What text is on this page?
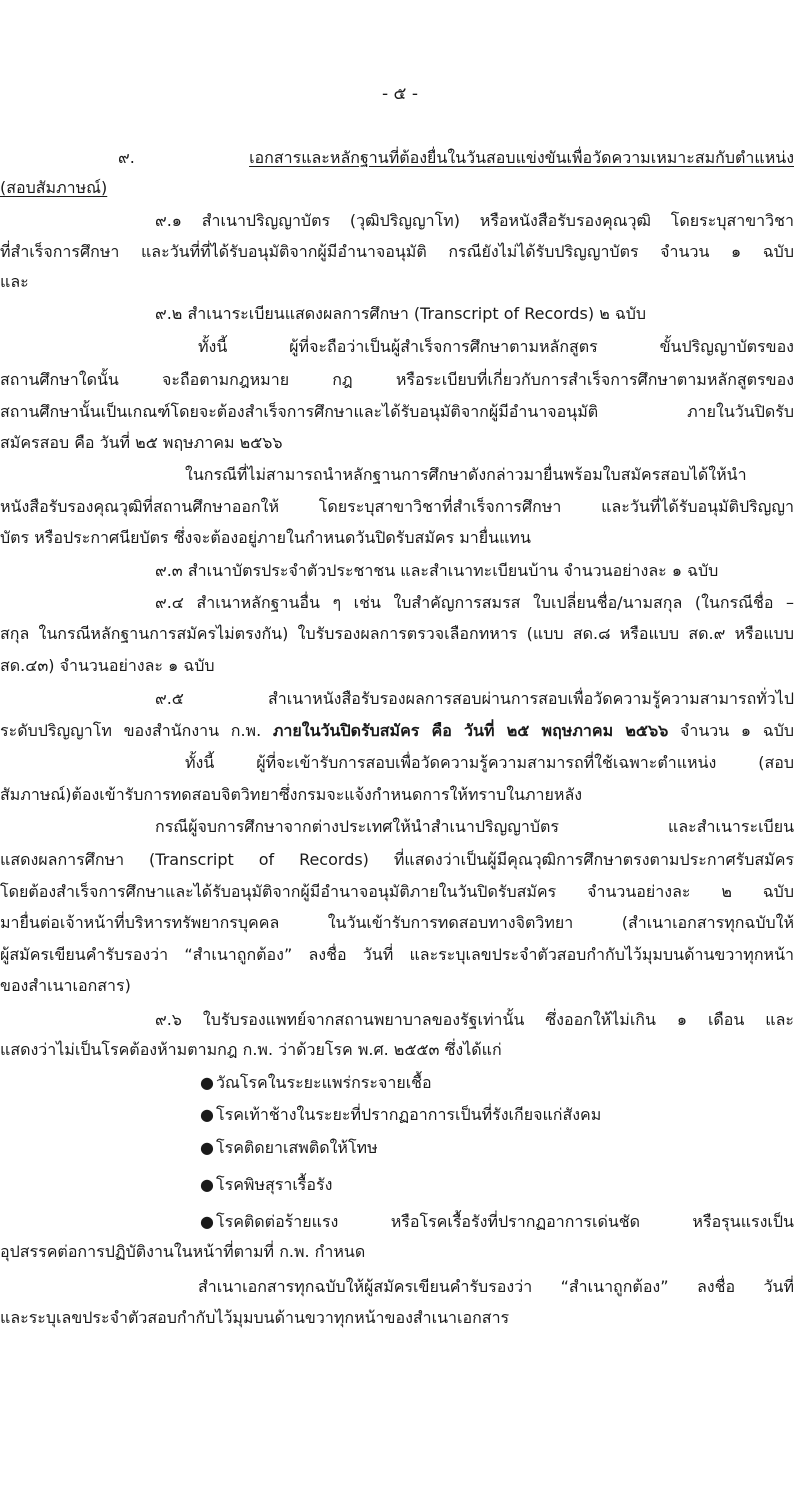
- ๕ -

๙.	เอกสารและหลักฐานที่ต้องยื่นในวันสอบแข่งขันเพื่อวัดความเหมาะสมกับตำแหน่ง

(สอบสัมภาษณ์)

๙.๑ สำเนาปริญญาบัตร (วุฒิปริญญาโท) หรือหนังสือรับรองคุณวุฒิ โดยระบุสาขาวิชา

ที่สำเร็จการศึกษา และวันที่ที่ได้รับอนุมัติจากผู้มีอำนาจอนุมัติ กรณียังไม่ได้รับปริญญาบัตร จำนวน ๑ ฉบับ

และ

๙.๒ สำเนาระเบียนแสดงผลการศึกษา (Transcript of Records) ๒ ฉบับ

ทั้งนี้ ผู้ที่จะถือว่าเป็นผู้สำเร็จการศึกษาตามหลักสูตร ขั้นปริญญาบัตรของ

สถานศึกษาใดนั้น จะถือตามกฎหมาย กฎ หรือระเบียบที่เกี่ยวกับการสำเร็จการศึกษาตามหลักสูตรของ

สถานศึกษานั้นเป็นเกณฑ์โดยจะต้องสำเร็จการศึกษาและได้รับอนุมัติจากผู้มีอำนาจอนุมัติ ภายในวันปิดรับ

สมัครสอบ คือ วันที่ ๒๕ พฤษภาคม ๒๕๖๖

ในกรณีที่ไม่สามารถนำหลักฐานการศึกษาดังกล่าวมายื่นพร้อมใบสมัครสอบได้ให้นำ

หนังสือรับรองคุณวุฒิที่สถานศึกษาออกให้ โดยระบุสาขาวิชาที่สำเร็จการศึกษา และวันที่ได้รับอนุมัติปริญญา

บัตร หรือประกาศนียบัตร ซึ่งจะต้องอยู่ภายในกำหนดวันปิดรับสมัคร มายื่นแทน

๙.๓ สำเนาบัตรประจำตัวประชาชน และสำเนาทะเบียนบ้าน จำนวนอย่างละ ๑ ฉบับ

๙.๔ สำเนาหลักฐานอื่น ๆ เช่น ใบสำคัญการสมรส ใบเปลี่ยนชื่อ/นามสกุล (ในกรณีชื่อ –

สกุล ในกรณีหลักฐานการสมัครไม่ตรงกัน) ใบรับรองผลการตรวจเลือกทหาร (แบบ สด.๘ หรือแบบ สด.๙ หรือแบบ

สด.๔๓) จำนวนอย่างละ ๑ ฉบับ

๙.๕ สำเนาหนังสือรับรองผลการสอบผ่านการสอบเพื่อวัดความรู้ความสามารถทั่วไป

ระดับปริญญาโท ของสำนักงาน ก.พ. ภายในวันปิดรับสมัคร คือ วันที่ ๒๕ พฤษภาคม ๒๕๖๖ จำนวน ๑ ฉบับ

ทั้งนี้ ผู้ที่จะเข้ารับการสอบเพื่อวัดความรู้ความสามารถที่ใช้เฉพาะตำแหน่ง (สอบ

สัมภาษณ์)ต้องเข้ารับการทดสอบจิตวิทยาซึ่งกรมจะแจ้งกำหนดการให้ทราบในภายหลัง

กรณีผู้จบการศึกษาจากต่างประเทศให้นำสำเนาปริญญาบัตร และสำเนาระเบียน

แสดงผลการศึกษา (Transcript of Records) ที่แสดงว่าเป็นผู้มีคุณวุฒิการศึกษาตรงตามประกาศรับสมัคร

โดยต้องสำเร็จการศึกษาและได้รับอนุมัติจากผู้มีอำนาจอนุมัติภายในวันปิดรับสมัคร จำนวนอย่างละ ๒ ฉบับ

มายื่นต่อเจ้าหน้าที่บริหารทรัพยากรบุคคล ในวันเข้ารับการทดสอบทางจิตวิทยา (สำเนาเอกสารทุกฉบับให้

ผู้สมัครเขียนคำรับรองว่า “สำเนาถูกต้อง” ลงชื่อ วันที่ และระบุเลขประจำตัวสอบกำกับไว้มุมบนด้านขวาทุกหน้า

ของสำเนาเอกสาร)

๙.๖ ใบรับรองแพทย์จากสถานพยาบาลของรัฐเท่านั้น ซึ่งออกให้ไม่เกิน ๑ เดือน และ

แสดงว่าไม่เป็นโรคต้องห้ามตามกฎ ก.พ. ว่าด้วยโรค พ.ศ. ๒๕๕๓ ซึ่งได้แก่

● วัณโรคในระยะแพร่กระจายเชื้อ
● โรคเท้าช้างในระยะที่ปรากฏอาการเป็นที่รังเกียจแก่สังคม
● โรคติดยาเสพติดให้โทษ
● โรคพิษสุราเรื้อรัง

● โรคติดต่อร้ายแรง หรือโรคเรื้อรังที่ปรากฏอาการเด่นชัด หรือรุนแรงเป็น

อุปสรรคต่อการปฏิบัติงานในหน้าที่ตามที่ ก.พ. กำหนด

สำเนาเอกสารทุกฉบับให้ผู้สมัครเขียนคำรับรองว่า “สำเนาถูกต้อง” ลงชื่อ วันที่

และระบุเลขประจำตัวสอบกำกับไว้มุมบนด้านขวาทุกหน้าของสำเนาเอกสาร
